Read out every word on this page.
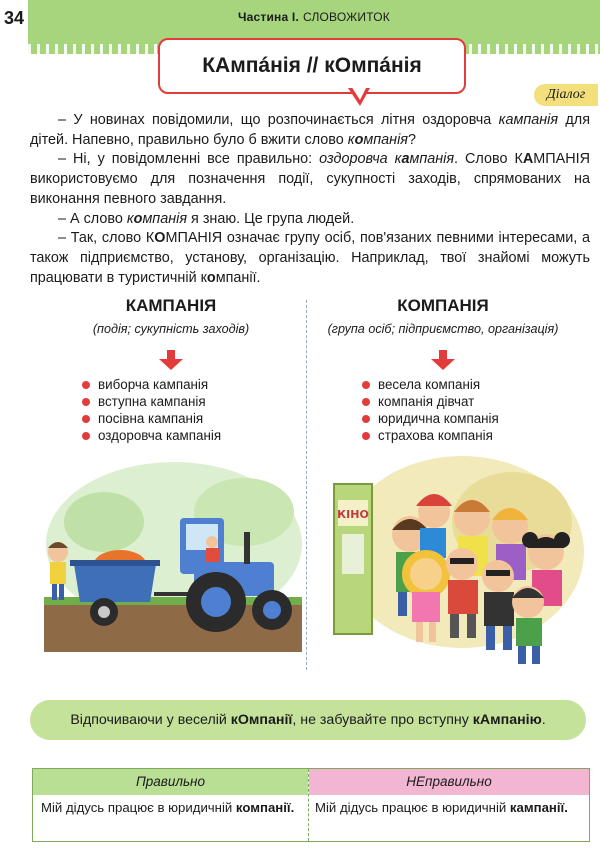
34	Частина I. СЛОВОЖИТОК
КАмпáнія // кОмпáнія
Діалог

– У новинах повідомили, що розпочинається літня оздоровча кампанія для дітей. Напевно, правильно було б вжити слово компанія?

– Ні, у повідомленні все правильно: оздоровча кампанія. Слово КАМПАНІЯ використовуємо для позначення події, сукупності заходів, спрямованих на виконання певного завдання.

– А слово компанія я знаю. Це група людей.

– Так, слово КОМПАНІЯ означає групу осіб, пов'язаних певними інтересами, а також підприємство, установу, організацію. Наприклад, твої знайомі можуть працювати в туристичній компанії.

КАМПАНІЯ
(подія; сукупність заходів)
виборча кампанія
вступна кампанія
посівна кампанія
оздоровча кампанія
КОМПАНІЯ
(група осіб; підприємство, організація)
весела компанія
компанія дівчат
юридична компанія
страхова компанія
КІНО
Відпочиваючи у веселій кОмпанії, не забувайте про вступну кАмпанію.
Правильно	НЕправильно
Мій дідусь працює в юридичній компанії.	Мій дідусь працює в юридичній кампанії.
